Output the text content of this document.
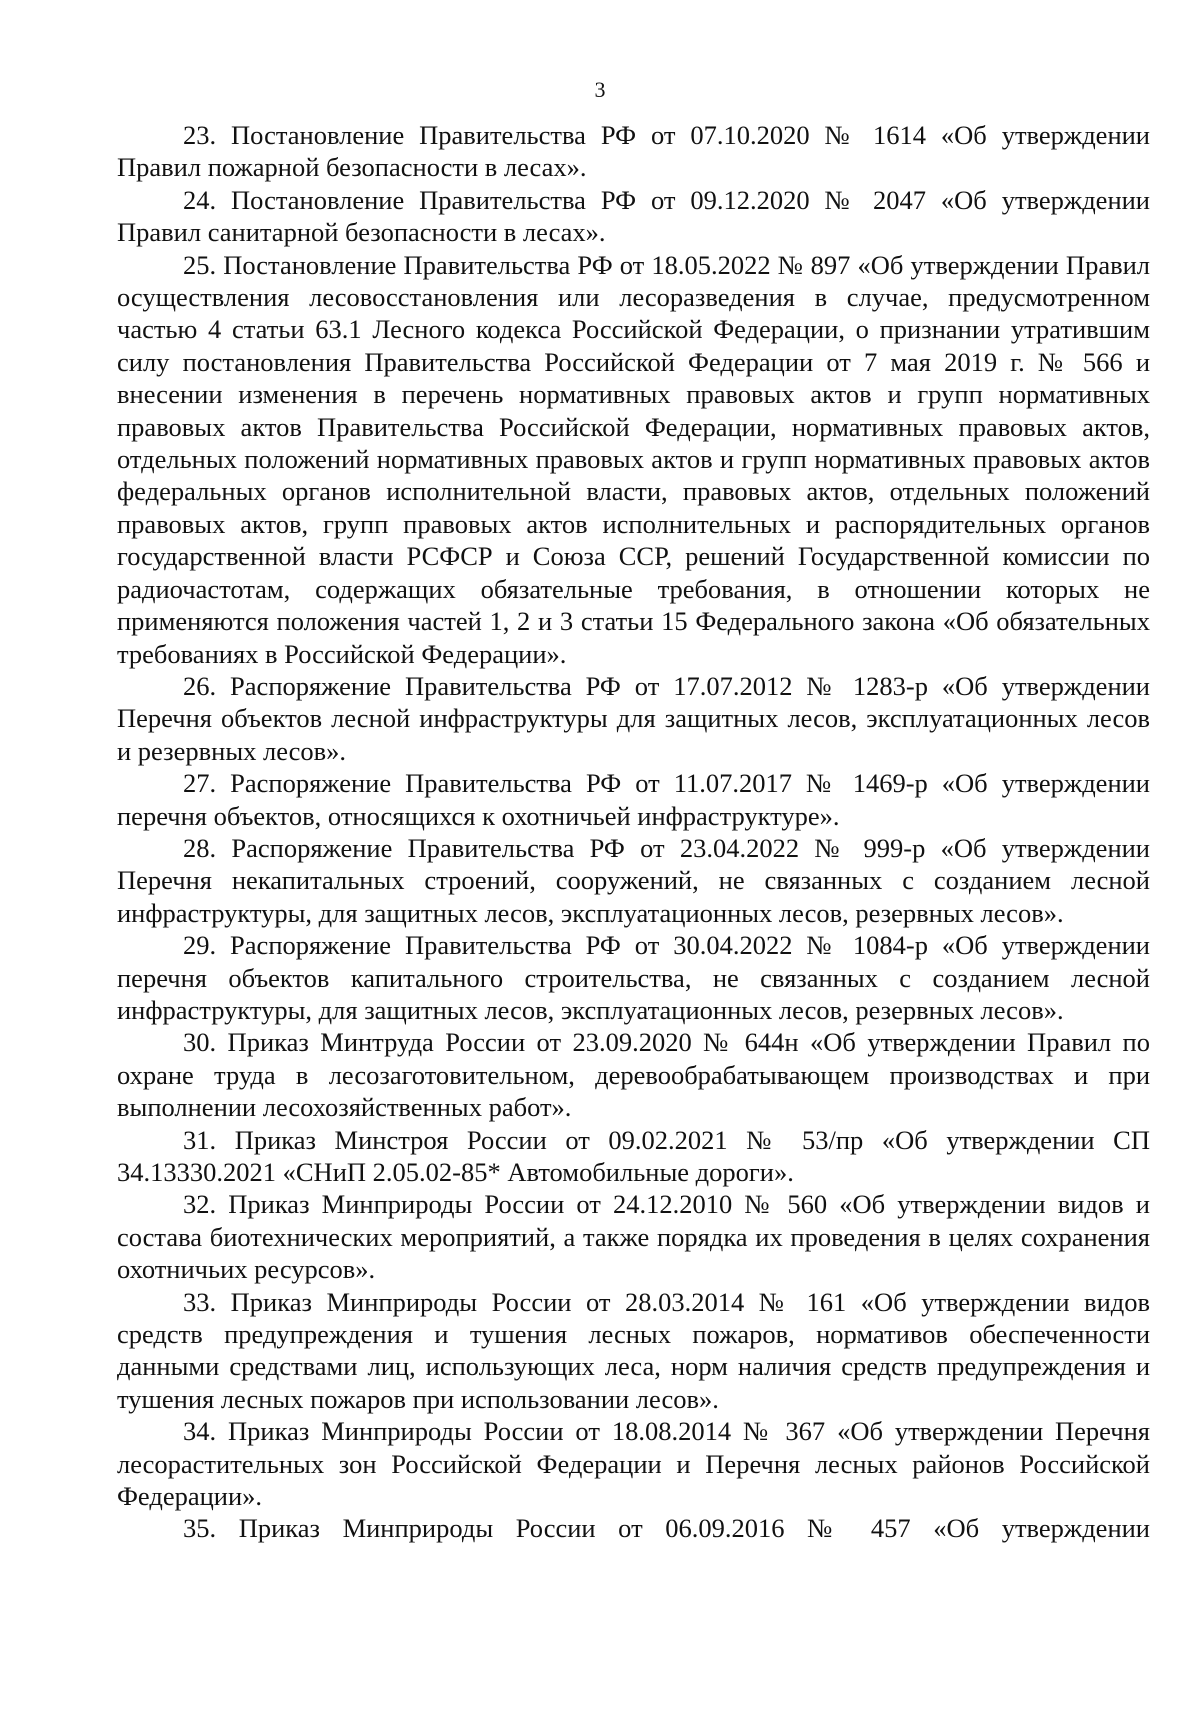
3

23. Постановление Правительства РФ от 07.10.2020 № 1614 «Об утверждении Правил пожарной безопасности в лесах».

24. Постановление Правительства РФ от 09.12.2020 № 2047 «Об утверждении Правил санитарной безопасности в лесах».

25. Постановление Правительства РФ от 18.05.2022 № 897 «Об утверждении Правил осуществления лесовосстановления или лесоразведения в случае, предусмотренном частью 4 статьи 63.1 Лесного кодекса Российской Федерации, о признании утратившим силу постановления Правительства Российской Федерации от 7 мая 2019 г. № 566 и внесении изменения в перечень нормативных правовых актов и групп нормативных правовых актов Правительства Российской Федерации, нормативных правовых актов, отдельных положений нормативных правовых актов и групп нормативных правовых актов федеральных органов исполнительной власти, правовых актов, отдельных положений правовых актов, групп правовых актов исполнительных и распорядительных органов государственной власти РСФСР и Союза ССР, решений Государственной комиссии по радиочастотам, содержащих обязательные требования, в отношении которых не применяются положения частей 1, 2 и 3 статьи 15 Федерального закона «Об обязательных требованиях в Российской Федерации».

26. Распоряжение Правительства РФ от 17.07.2012 № 1283-р «Об утверждении Перечня объектов лесной инфраструктуры для защитных лесов, эксплуатационных лесов и резервных лесов».

27. Распоряжение Правительства РФ от 11.07.2017 № 1469-р «Об утверждении перечня объектов, относящихся к охотничьей инфраструктуре».

28. Распоряжение Правительства РФ от 23.04.2022 № 999-р «Об утверждении Перечня некапитальных строений, сооружений, не связанных с созданием лесной инфраструктуры, для защитных лесов, эксплуатационных лесов, резервных лесов».

29. Распоряжение Правительства РФ от 30.04.2022 № 1084-р «Об утверждении перечня объектов капитального строительства, не связанных с созданием лесной инфраструктуры, для защитных лесов, эксплуатационных лесов, резервных лесов».

30. Приказ Минтруда России от 23.09.2020 № 644н «Об утверждении Правил по охране труда в лесозаготовительном, деревообрабатывающем производствах и при выполнении лесохозяйственных работ».

31. Приказ Минстроя России от 09.02.2021 № 53/пр «Об утверждении СП 34.13330.2021 «СНиП 2.05.02-85* Автомобильные дороги».

32. Приказ Минприроды России от 24.12.2010 № 560 «Об утверждении видов и состава биотехнических мероприятий, а также порядка их проведения в целях сохранения охотничьих ресурсов».

33. Приказ Минприроды России от 28.03.2014 № 161 «Об утверждении видов средств предупреждения и тушения лесных пожаров, нормативов обеспеченности данными средствами лиц, использующих леса, норм наличия средств предупреждения и тушения лесных пожаров при использовании лесов».

34. Приказ Минприроды России от 18.08.2014 № 367 «Об утверждении Перечня лесорастительных зон Российской Федерации и Перечня лесных районов Российской Федерации».

35. Приказ Минприроды России от 06.09.2016 № 457 «Об утверждении
